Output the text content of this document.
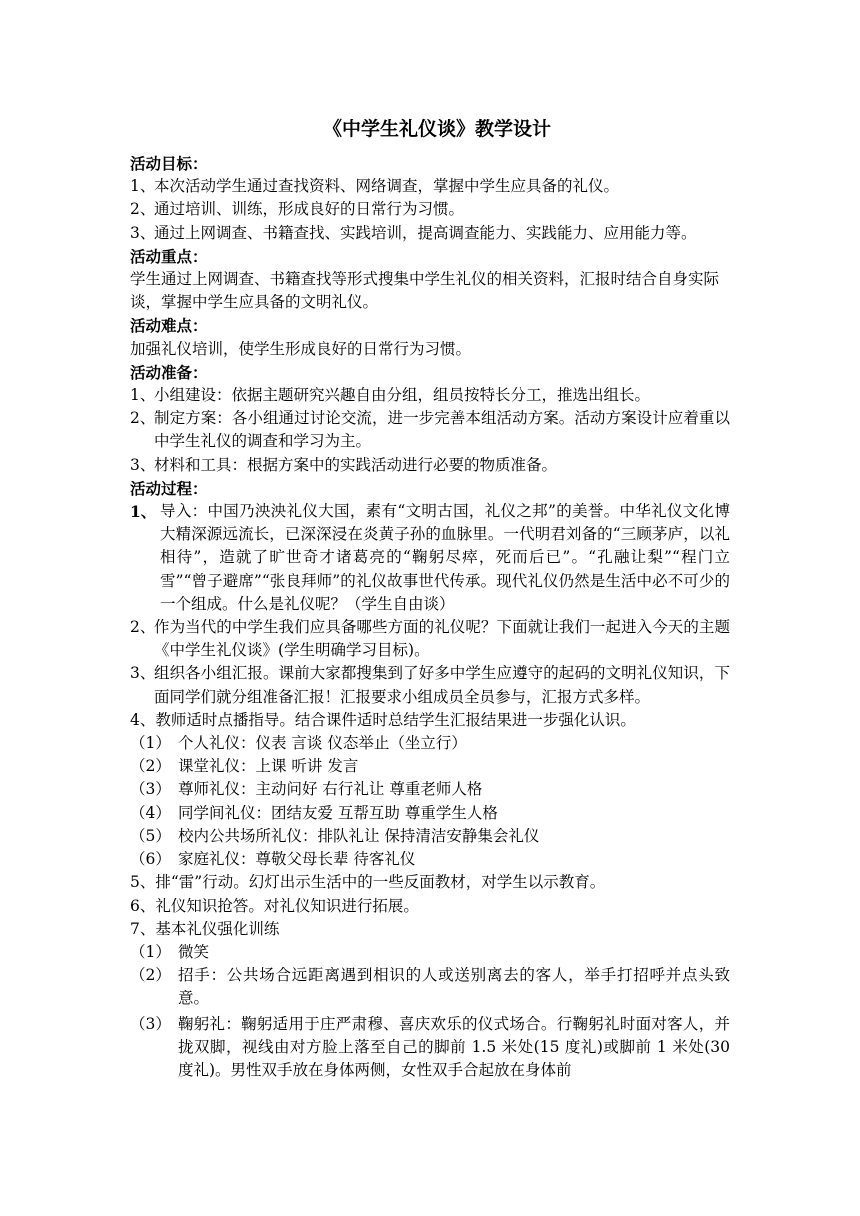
《中学生礼仪谈》教学设计
活动目标：
1、
本次活动学生通过查找资料、网络调查，掌握中学生应具备的礼仪。
2、
通过培训、训练，形成良好的日常行为习惯。
3、
通过上网调查、书籍查找、实践培训，提高调查能力、实践能力、应用能力等。
活动重点：
学生通过上网调查、书籍查找等形式搜集中学生礼仪的相关资料，汇报时结合自身实际谈，掌握中学生应具备的文明礼仪。
活动难点：
加强礼仪培训，使学生形成良好的日常行为习惯。
活动准备：
1、
小组建设：依据主题研究兴趣自由分组，组员按特长分工，推选出组长。
2、
制定方案：各小组通过讨论交流，进一步完善本组活动方案。活动方案设计应着重以中学生礼仪的调查和学习为主。
3、
材料和工具：根据方案中的实践活动进行必要的物质准备。
活动过程：
1、 导入：中国乃泱泱礼仪大国，素有“文明古国，礼仪之邦”的美誉。中华礼仪文化博大精深源远流长，已深深浸在炎黄子孙的血脉里。一代明君刘备的“三顾茅庐，以礼相待”，造就了旷世奇才诸葛亮的“鞠躬尽瘁，死而后已”。“孔融让梨”“程门立雪”“曾子避席”“张良拜师”的礼仪故事世代传承。现代礼仪仍然是生活中必不可少的一个组成。什么是礼仪呢？（学生自由谈）
2、
作为当代的中学生我们应具备哪些方面的礼仪呢？下面就让我们一起进入今天的主题《中学生礼仪谈》(学生明确学习目标)。
3、
组织各小组汇报。课前大家都搜集到了好多中学生应遵守的起码的文明礼仪知识，下面同学们就分组准备汇报！汇报要求小组成员全员参与，汇报方式多样。
4、教师适时点播指导。结合课件适时总结学生汇报结果进一步强化认识。
（1） 个人礼仪：仪表 言谈 仪态举止（坐立行）
（2） 课堂礼仪：上课 听讲 发言
（3） 尊师礼仪：主动问好 右行礼让 尊重老师人格
（4） 同学间礼仪：团结友爱 互帮互助 尊重学生人格
（5） 校内公共场所礼仪：排队礼让 保持清洁安静集会礼仪
（6） 家庭礼仪：尊敬父母长辈 待客礼仪
5、排“雷”行动。幻灯出示生活中的一些反面教材，对学生以示教育。
6、礼仪知识抢答。对礼仪知识进行拓展。
7、基本礼仪强化训练
（1） 微笑
（2） 招手：公共场合远距离遇到相识的人或送别离去的客人，举手打招呼并点头致意。
（3） 鞠躬礼：鞠躬适用于庄严肃穆、喜庆欢乐的仪式场合。行鞠躬礼时面对客人，并拢双脚，视线由对方脸上落至自己的脚前 1.5 米处(15 度礼)或脚前 1 米处(30 度礼)。男性双手放在身体两侧，女性双手合起放在身体前
